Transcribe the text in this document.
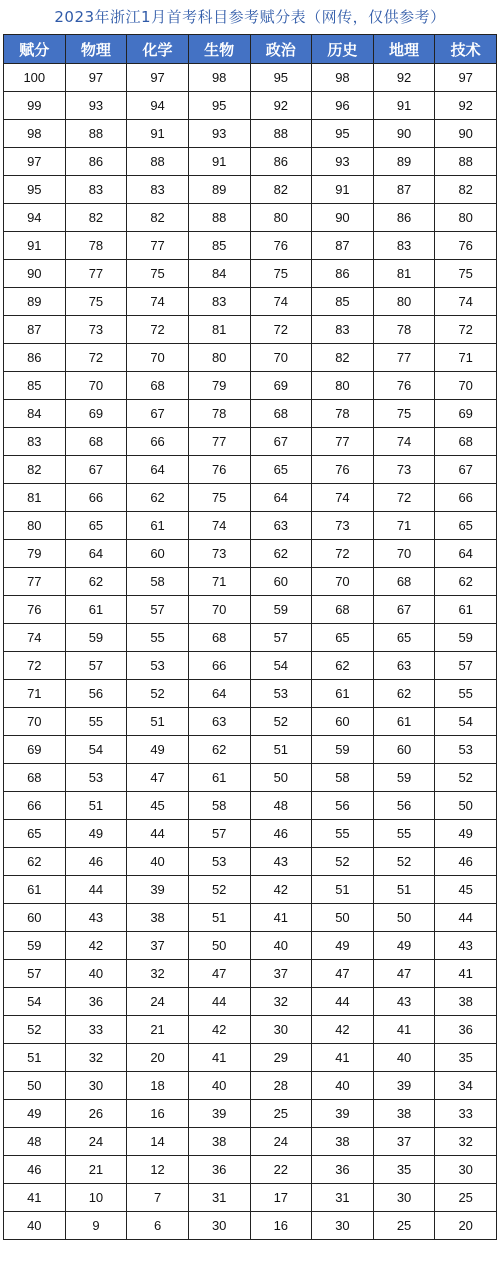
2023年浙江1月首考科目参考赋分表（网传，仅供参考）
赋分	物理	化学	生物	政治	历史	地理	技术
100	97	97	98	95	98	92	97
99	93	94	95	92	96	91	92
98	88	91	93	88	95	90	90
97	86	88	91	86	93	89	88
95	83	83	89	82	91	87	82
94	82	82	88	80	90	86	80
91	78	77	85	76	87	83	76
90	77	75	84	75	86	81	75
89	75	74	83	74	85	80	74
87	73	72	81	72	83	78	72
86	72	70	80	70	82	77	71
85	70	68	79	69	80	76	70
84	69	67	78	68	78	75	69
83	68	66	77	67	77	74	68
82	67	64	76	65	76	73	67
81	66	62	75	64	74	72	66
80	65	61	74	63	73	71	65
79	64	60	73	62	72	70	64
77	62	58	71	60	70	68	62
76	61	57	70	59	68	67	61
74	59	55	68	57	65	65	59
72	57	53	66	54	62	63	57
71	56	52	64	53	61	62	55
70	55	51	63	52	60	61	54
69	54	49	62	51	59	60	53
68	53	47	61	50	58	59	52
66	51	45	58	48	56	56	50
65	49	44	57	46	55	55	49
62	46	40	53	43	52	52	46
61	44	39	52	42	51	51	45
60	43	38	51	41	50	50	44
59	42	37	50	40	49	49	43
57	40	32	47	37	47	47	41
54	36	24	44	32	44	43	38
52	33	21	42	30	42	41	36
51	32	20	41	29	41	40	35
50	30	18	40	28	40	39	34
49	26	16	39	25	39	38	33
48	24	14	38	24	38	37	32
46	21	12	36	22	36	35	30
41	10	7	31	17	31	30	25
40	9	6	30	16	30	25	20
